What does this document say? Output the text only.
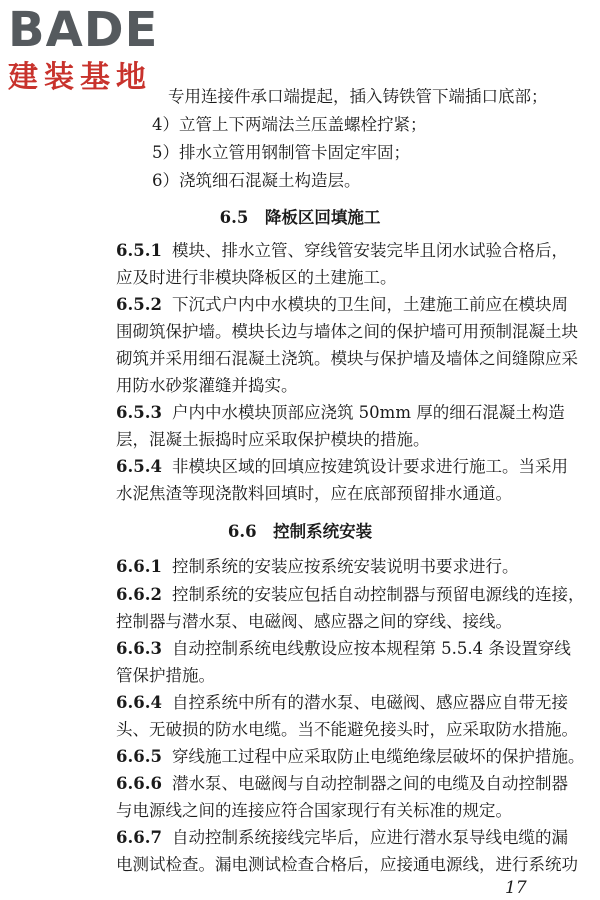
BADE
建装基地
专用连接件承口端提起，插入铸铁管下端插口底部；
4）立管上下两端法兰压盖螺栓拧紧；
5）排水立管用钢制管卡固定牢固；
6）浇筑细石混凝土构造层。
6.5　降板区回填施工
6.5.1 模块、排水立管、穿线管安装完毕且闭水试验合格后，
应及时进行非模块降板区的土建施工。
6.5.2 下沉式户内中水模块的卫生间，土建施工前应在模块周
围砌筑保护墙。模块长边与墙体之间的保护墙可用预制混凝土块
砌筑并采用细石混凝土浇筑。模块与保护墙及墙体之间缝隙应采
用防水砂浆灌缝并捣实。
6.5.3 户内中水模块顶部应浇筑 50mm 厚的细石混凝土构造
层，混凝土振捣时应采取保护模块的措施。
6.5.4 非模块区域的回填应按建筑设计要求进行施工。当采用
水泥焦渣等现浇散料回填时，应在底部预留排水通道。
6.6　控制系统安装
6.6.1 控制系统的安装应按系统安装说明书要求进行。
6.6.2 控制系统的安装应包括自动控制器与预留电源线的连接，
控制器与潜水泵、电磁阀、感应器之间的穿线、接线。
6.6.3 自动控制系统电线敷设应按本规程第 5.5.4 条设置穿线
管保护措施。
6.6.4 自控系统中所有的潜水泵、电磁阀、感应器应自带无接
头、无破损的防水电缆。当不能避免接头时，应采取防水措施。
6.6.5 穿线施工过程中应采取防止电缆绝缘层破坏的保护措施。
6.6.6 潜水泵、电磁阀与自动控制器之间的电缆及自动控制器
与电源线之间的连接应符合国家现行有关标准的规定。
6.6.7 自动控制系统接线完毕后，应进行潜水泵导线电缆的漏
电测试检查。漏电测试检查合格后，应接通电源线，进行系统功
17
